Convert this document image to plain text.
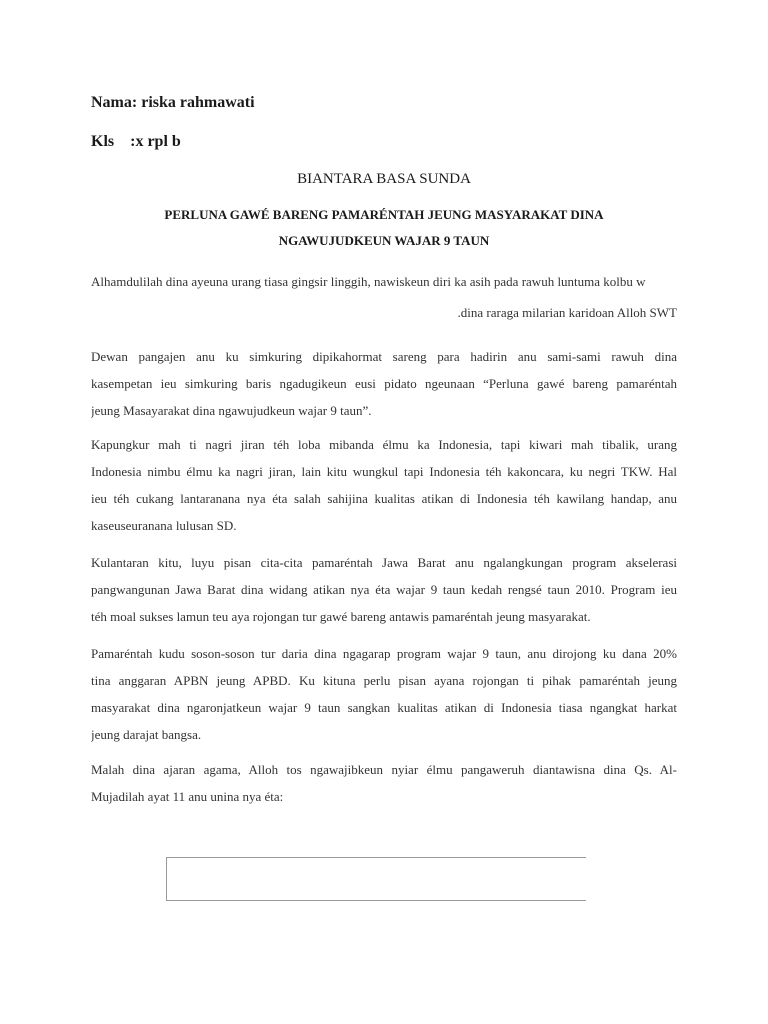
Nama: riska rahmawati
Kls    :x rpl b
BIANTARA BASA SUNDA
PERLUNA GAWÉ BARENG PAMARÉNTAH JEUNG MASYARAKAT DINA
NGAWUJUDKEUN WAJAR 9 TAUN
Alhamdulilah dina ayeuna urang tiasa gingsir linggih, nawiskeun diri ka asih pada rawuh luntuma kolbu w
.dina raraga milarian karidoan Alloh SWT
Dewan pangajen anu ku simkuring dipikahormat sareng para hadirin anu sami-sami rawuh dina
kasempetan ieu simkuring baris ngadugikeun eusi pidato ngeunaan “Perluna gawé bareng pamaréntah
jeung Masayarakat dina ngawujudkeun wajar 9 taun”.
Kapungkur mah ti nagri jiran téh loba mibanda élmu ka Indonesia, tapi kiwari mah tibalik, urang
Indonesia nimbu élmu ka nagri jiran, lain kitu wungkul tapi Indonesia téh kakoncara, ku negri TKW. Hal
ieu téh cukang lantaranana nya éta salah sahijina kualitas atikan di Indonesia téh kawilang handap, anu
kaseuseuranana lulusan SD.
Kulantaran kitu, luyu pisan cita-cita pamaréntah Jawa Barat anu ngalangkungan program akselerasi
pangwangunan Jawa Barat dina widang atikan nya éta wajar 9 taun kedah rengsé taun 2010. Program ieu
téh moal sukses lamun teu aya rojongan tur gawé bareng antawis pamaréntah jeung masyarakat.
Pamaréntah kudu soson-soson tur daria dina ngagarap program wajar 9 taun, anu dirojong ku dana 20%
tina anggaran APBN jeung APBD. Ku kituna perlu pisan ayana rojongan ti pihak pamaréntah jeung
masyarakat dina ngaronjatkeun wajar 9 taun sangkan kualitas atikan di Indonesia tiasa ngangkat harkat
jeung darajat bangsa.
Malah dina ajaran agama, Alloh tos ngawajibkeun nyiar élmu pangaweruh diantawisna dina Qs. Al-
Mujadilah ayat 11 anu unina nya éta:
